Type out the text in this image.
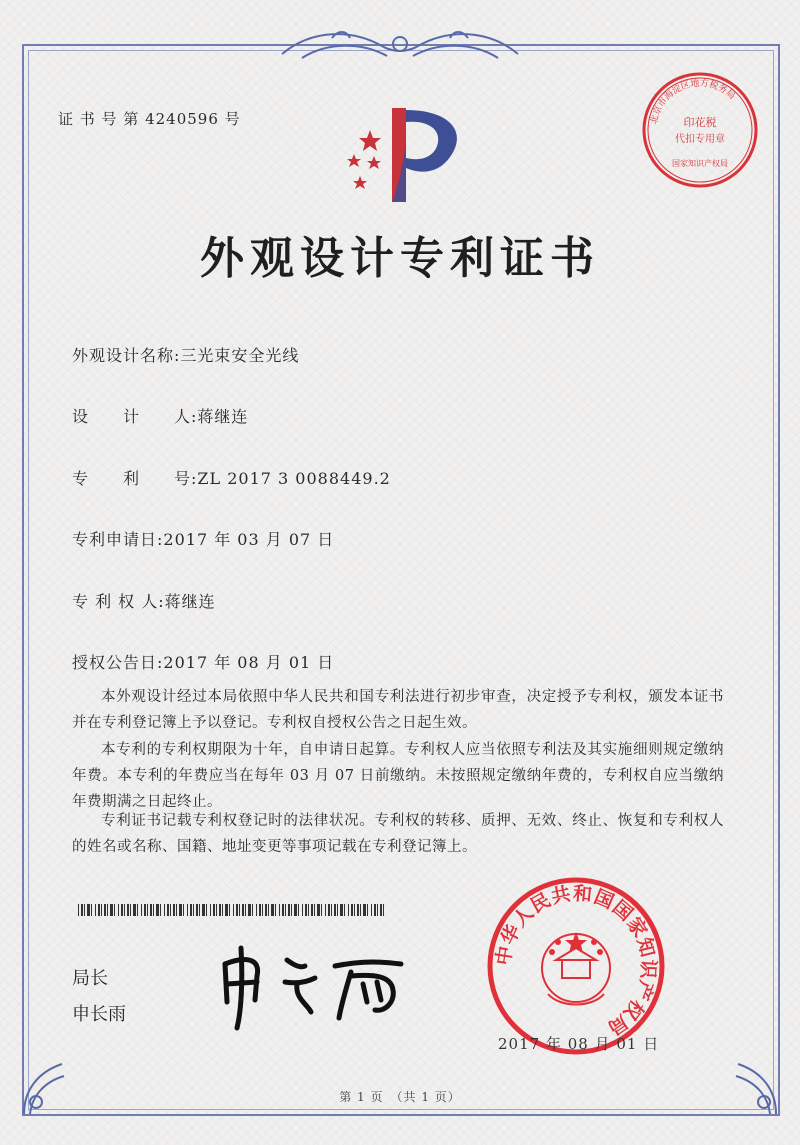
证 书 号 第 4240596 号
外观设计专利证书
外观设计名称:三光束安全光线
设　　计　　人:蒋继连
专　　利　　号:ZL 2017 3 0088449.2
专利申请日:2017 年 03 月 07 日
专 利 权 人:蒋继连
授权公告日:2017 年 08 月 01 日
本外观设计经过本局依照中华人民共和国专利法进行初步审查，决定授予专利权，颁发本证书并在专利登记簿上予以登记。专利权自授权公告之日起生效。
本专利的专利权期限为十年，自申请日起算。专利权人应当依照专利法及其实施细则规定缴纳年费。本专利的年费应当在每年 03 月 07 日前缴纳。未按照规定缴纳年费的，专利权自应当缴纳年费期满之日起终止。
专利证书记载专利权登记时的法律状况。专利权的转移、质押、无效、终止、恢复和专利权人的姓名或名称、国籍、地址变更等事项记载在专利登记簿上。
局长
申长雨
北京市海淀区地方税务局
印花税
代扣专用章
国家知识产权局
中华人民共和国国家知识产权局
2017 年 08 月 01 日
第 1 页　（共 1 页）
